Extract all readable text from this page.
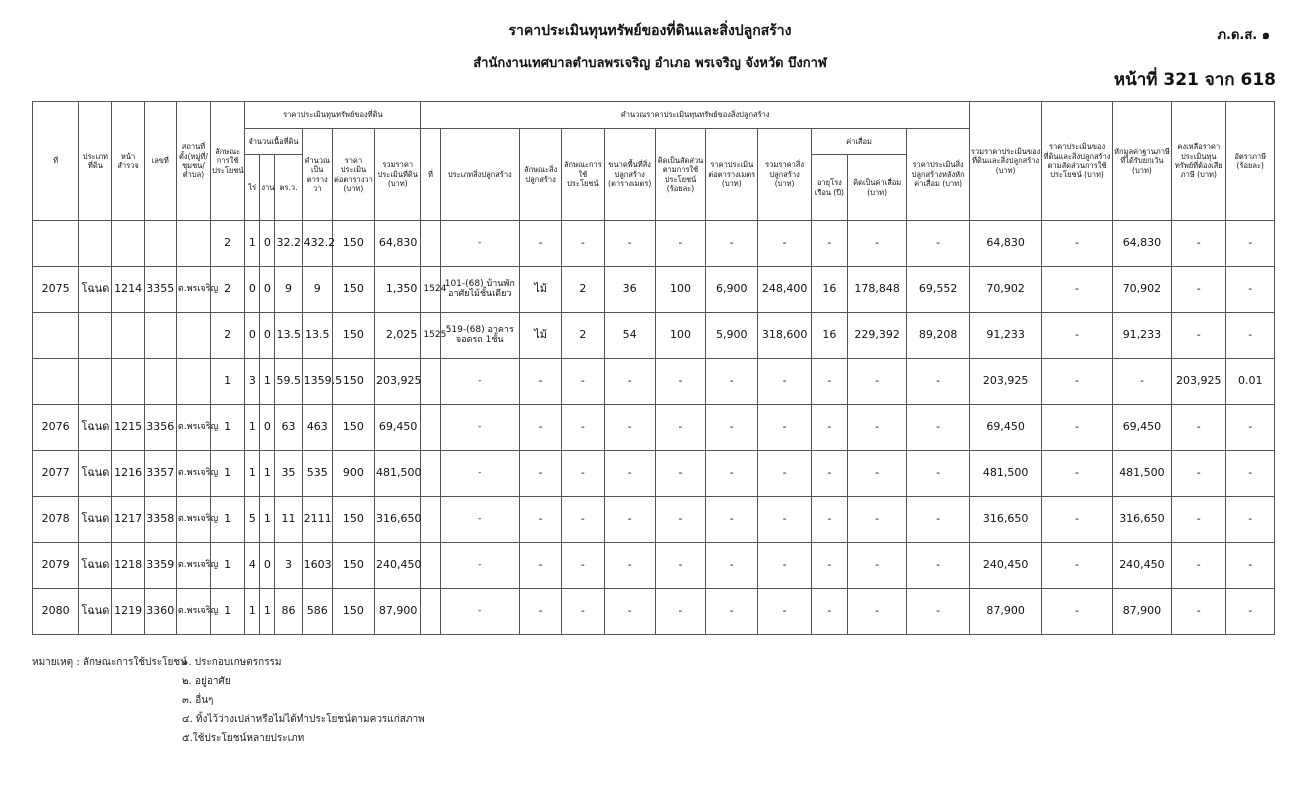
ราคาประเมินทุนทรัพย์ของที่ดินและสิ่งปลูกสร้าง
สำนักงานเทศบาลตำบลพรเจริญ อำเภอ พรเจริญ จังหวัด บึงกาฬ
ภ.ด.ส. ๑
หน้าที่ 321 จาก 618
ที่	ประเภทที่ดิน	หน้าสำรวจ	เลขที่	สถานที่ตั้ง(หมู่ที่/ชุมชน/ตำบล)	ลักษณะการใช้ประโยชน์	ราคาประเมินทุนทรัพย์ของที่ดิน						คำนวณราคาประเมินทุนทรัพย์ของสิ่งปลูกสร้าง											รวมราคาประเมินของที่ดินและสิ่งปลูกสร้าง (บาท)	ราคาประเมินของที่ดินและสิ่งปลูกสร้างตามสัดส่วนการใช้ประโยชน์ (บาท)	หักมูลค่าฐานภาษีที่ได้รับยกเว้น (บาท)	คงเหลือราคาประเมินทุนทรัพย์ที่ต้องเสียภาษี (บาท)	อัตราภาษี (ร้อยละ)
						จำนวนเนื้อที่ดิน			คำนวณเป็นตารางวา	ราคาประเมินต่อตารางวา (บาท)	รวมราคาประเมินที่ดิน (บาท)	ที่	ประเภทสิ่งปลูกสร้าง	ลักษณะสิ่งปลูกสร้าง	ลักษณะการใช้ประโยชน์	ขนาดพื้นที่สิ่งปลูกสร้าง (ตารางเมตร)	คิดเป็นสัดส่วนตามการใช้ประโยชน์ (ร้อยละ)	ราคาประเมินต่อตารางเมตร (บาท)	รวมราคาสิ่งปลูกสร้าง (บาท)	ค่าเสื่อม		ราคาประเมินสิ่งปลูกสร้างหลังหักค่าเสื่อม (บาท)					
						ไร่	งาน	ตร.ว.												อายุโรงเรือน (ปี)	คิดเป็นค่าเสื่อม (บาท)						
					2	1	0	32.2	432.2	150	64,830		-	-	-	-	-	-	-	-	-	-	64,830	-	64,830	-	-
2075	โฉนด	1214	3355	ต.พรเจริญ	2	0	0	9	9	150	1,350	1524	101-(68) บ้านพักอาศัยไม้ชั้นเดียว	ไม้	2	36	100	6,900	248,400	16	178,848	69,552	70,902	-	70,902	-	-
					2	0	0	13.5	13.5	150	2,025	1525	519-(68) อาคารจอดรถ 1ชั้น	ไม้	2	54	100	5,900	318,600	16	229,392	89,208	91,233	-	91,233	-	-
					1	3	1	59.5	1359.5	150	203,925		-	-	-	-	-	-	-	-	-	-	203,925	-	-	203,925	0.01
2076	โฉนด	1215	3356	ต.พรเจริญ	1	1	0	63	463	150	69,450		-	-	-	-	-	-	-	-	-	-	69,450	-	69,450	-	-
2077	โฉนด	1216	3357	ต.พรเจริญ	1	1	1	35	535	900	481,500		-	-	-	-	-	-	-	-	-	-	481,500	-	481,500	-	-
2078	โฉนด	1217	3358	ต.พรเจริญ	1	5	1	11	2111	150	316,650		-	-	-	-	-	-	-	-	-	-	316,650	-	316,650	-	-
2079	โฉนด	1218	3359	ต.พรเจริญ	1	4	0	3	1603	150	240,450		-	-	-	-	-	-	-	-	-	-	240,450	-	240,450	-	-
2080	โฉนด	1219	3360	ต.พรเจริญ	1	1	1	86	586	150	87,900		-	-	-	-	-	-	-	-	-	-	87,900	-	87,900	-	-
หมายเหตุ : ลักษณะการใช้ประโยชน์
๑. ประกอบเกษตรกรรม
๒. อยู่อาศัย
๓. อื่นๆ
๔. ทิ้งไว้ว่างเปล่าหรือไม่ได้ทำประโยชน์ตามควรแก่สภาพ
๕.ใช้ประโยชน์หลายประเภท
